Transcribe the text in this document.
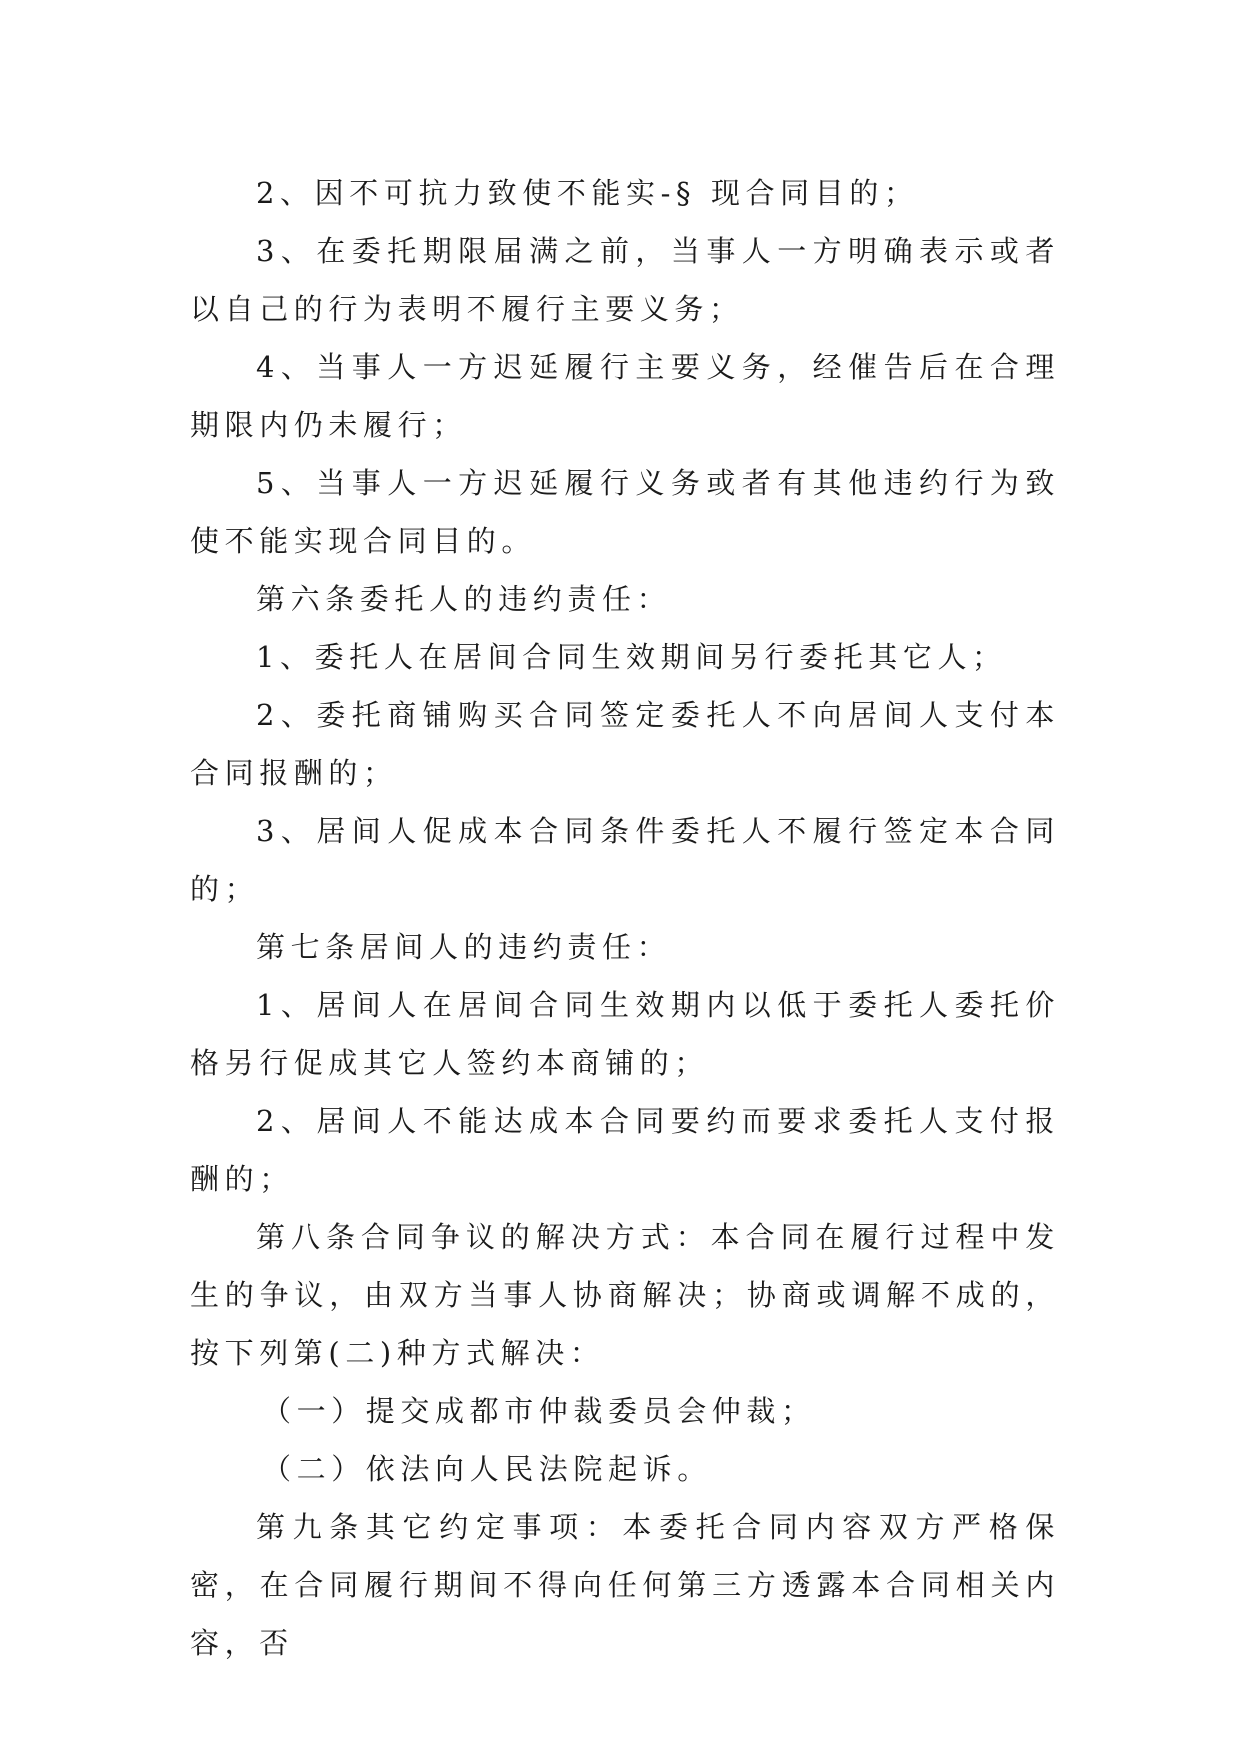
2、因不可抗力致使不能实-§ 现合同目的；

3、在委托期限届满之前，当事人一方明确表示或者以自己的行为表明不履行主要义务；

4、当事人一方迟延履行主要义务，经催告后在合理期限内仍未履行；

5、当事人一方迟延履行义务或者有其他违约行为致使不能实现合同目的。

第六条委托人的违约责任：

1、委托人在居间合同生效期间另行委托其它人；

2、委托商铺购买合同签定委托人不向居间人支付本合同报酬的；

3、居间人促成本合同条件委托人不履行签定本合同的；

第七条居间人的违约责任：

1、居间人在居间合同生效期内以低于委托人委托价格另行促成其它人签约本商铺的；

2、居间人不能达成本合同要约而要求委托人支付报酬的；

第八条合同争议的解决方式：本合同在履行过程中发生的争议，由双方当事人协商解决；协商或调解不成的，按下列第(二)种方式解决：

（一）提交成都市仲裁委员会仲裁；

（二）依法向人民法院起诉。

第九条其它约定事项：本委托合同内容双方严格保密，在合同履行期间不得向任何第三方透露本合同相关内容，否
